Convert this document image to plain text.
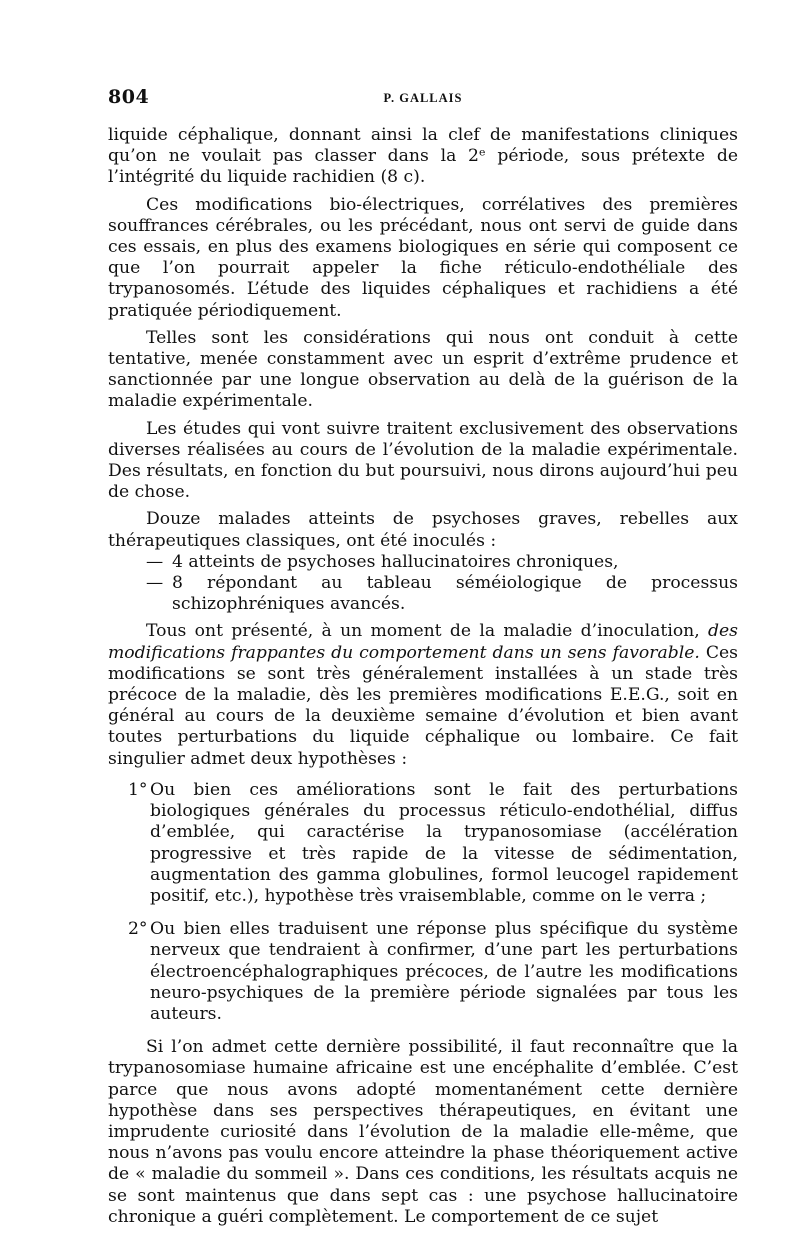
804	P. GALLAIS

liquide céphalique, donnant ainsi la clef de manifestations cliniques qu’on ne voulait pas classer dans la 2ᵉ période, sous prétexte de l’intégrité du liquide rachidien (8 c).

Ces modifications bio-électriques, corrélatives des premières souffrances cérébrales, ou les précédant, nous ont servi de guide dans ces essais, en plus des examens biologiques en série qui composent ce que l’on pourrait appeler la fiche réticulo-endothéliale des trypanosomés. L’étude des liquides céphaliques et rachidiens a été pratiquée périodiquement.

Telles sont les considérations qui nous ont conduit à cette tentative, menée constamment avec un esprit d’extrême prudence et sanctionnée par une longue observation au delà de la guérison de la maladie expérimentale.

Les études qui vont suivre traitent exclusivement des observations diverses réalisées au cours de l’évolution de la maladie expérimentale. Des résultats, en fonction du but poursuivi, nous dirons aujourd’hui peu de chose.

Douze malades atteints de psychoses graves, rebelles aux thérapeutiques classiques, ont été inoculés :

— 4 atteints de psychoses hallucinatoires chroniques,
— 8 répondant au tableau séméiologique de processus schizophréniques avancés.

Tous ont présenté, à un moment de la maladie d’inoculation, des modifications frappantes du comportement dans un sens favorable. Ces modifications se sont très généralement installées à un stade très précoce de la maladie, dès les premières modifications E.E.G., soit en général au cours de la deuxième semaine d’évolution et bien avant toutes perturbations du liquide céphalique ou lombaire. Ce fait singulier admet deux hypothèses :

1° Ou bien ces améliorations sont le fait des perturbations biologiques générales du processus réticulo-endothélial, diffus d’emblée, qui caractérise la trypanosomiase (accélération progressive et très rapide de la vitesse de sédimentation, augmentation des gamma globulines, formol leucogel rapidement positif, etc.), hypothèse très vraisemblable, comme on le verra ;
2° Ou bien elles traduisent une réponse plus spécifique du système nerveux que tendraient à confirmer, d’une part les perturbations électroencéphalographiques précoces, de l’autre les modifications neuro-psychiques de la première période signalées par tous les auteurs.

Si l’on admet cette dernière possibilité, il faut reconnaître que la trypanosomiase humaine africaine est une encéphalite d’emblée. C’est parce que nous avons adopté momentanément cette dernière hypothèse dans ses perspectives thérapeutiques, en évitant une imprudente curiosité dans l’évolution de la maladie elle-même, que nous n’avons pas voulu encore atteindre la phase théoriquement active de « maladie du sommeil ». Dans ces conditions, les résultats acquis ne se sont maintenus que dans sept cas : une psychose hallucinatoire chronique a guéri complètement. Le comportement de ce sujet
